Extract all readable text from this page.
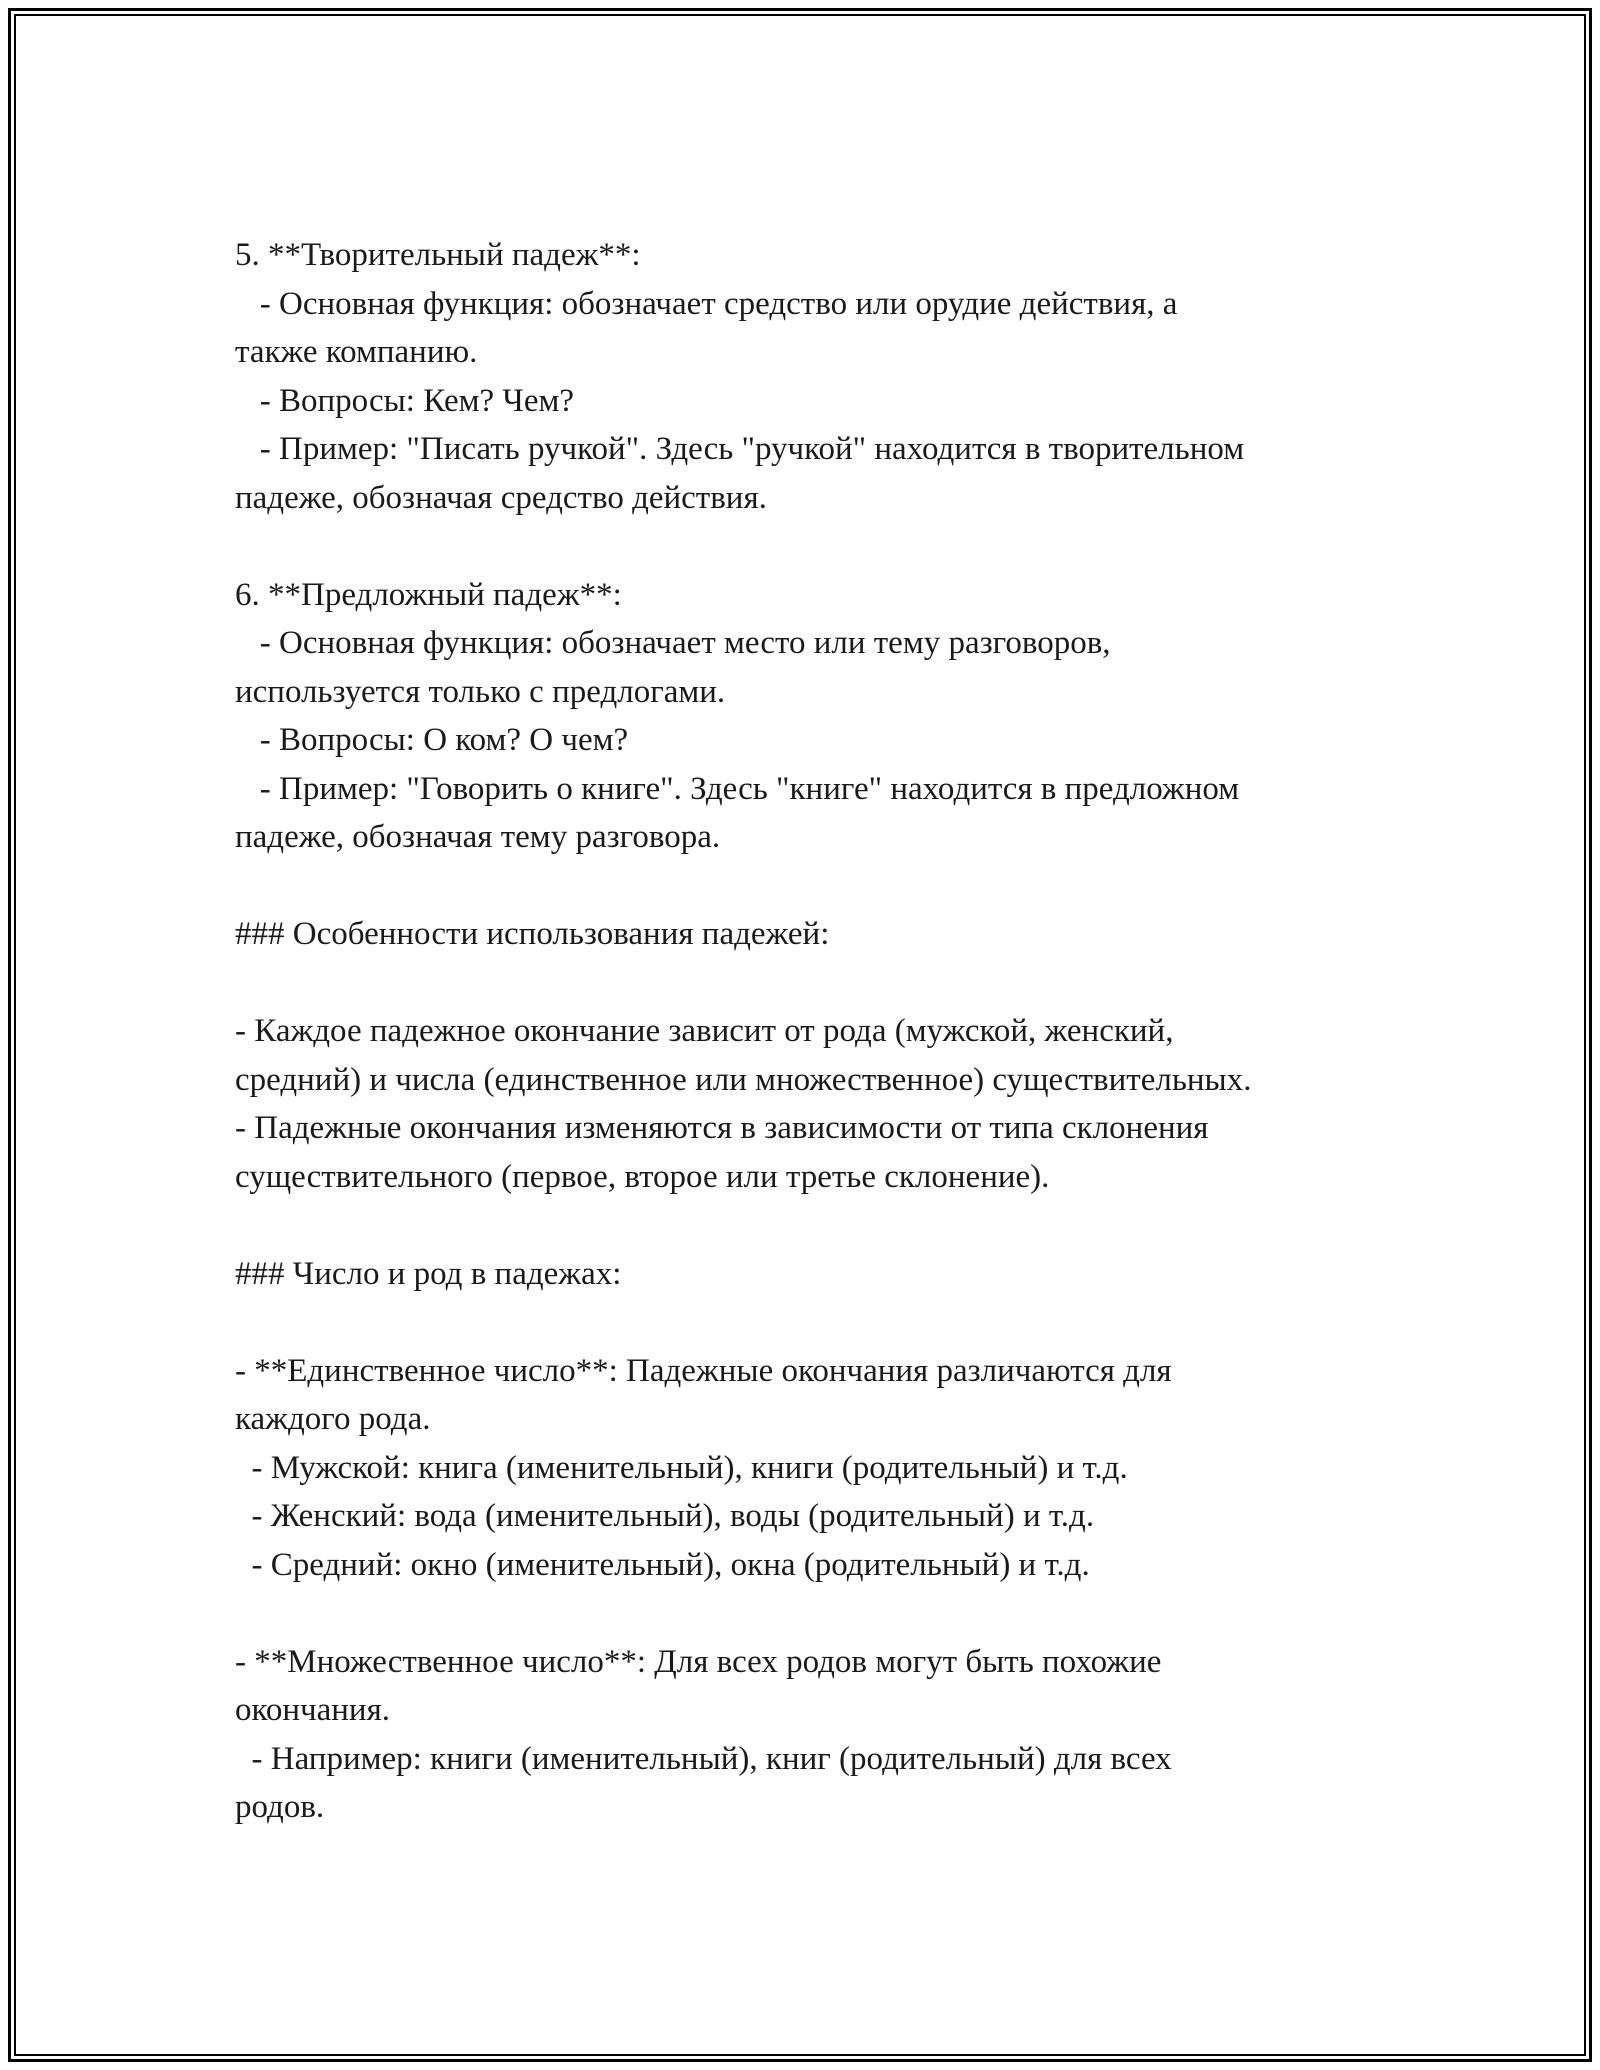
5. **Творительный падеж**:
- Основная функция: обозначает средство или орудие действия, а
также компанию.
- Вопросы: Кем? Чем?
- Пример: "Писать ручкой". Здесь "ручкой" находится в творительном
падеже, обозначая средство действия.
6. **Предложный падеж**:
- Основная функция: обозначает место или тему разговоров,
используется только с предлогами.
- Вопросы: О ком? О чем?
- Пример: "Говорить о книге". Здесь "книге" находится в предложном
падеже, обозначая тему разговора.
### Особенности использования падежей:
- Каждое падежное окончание зависит от рода (мужской, женский,
средний) и числа (единственное или множественное) существительных.
- Падежные окончания изменяются в зависимости от типа склонения
существительного (первое, второе или третье склонение).
### Число и род в падежах:
- **Единственное число**: Падежные окончания различаются для
каждого рода.
- Мужской: книга (именительный), книги (родительный) и т.д.
- Женский: вода (именительный), воды (родительный) и т.д.
- Средний: окно (именительный), окна (родительный) и т.д.
- **Множественное число**: Для всех родов могут быть похожие
окончания.
- Например: книги (именительный), книг (родительный) для всех
родов.
